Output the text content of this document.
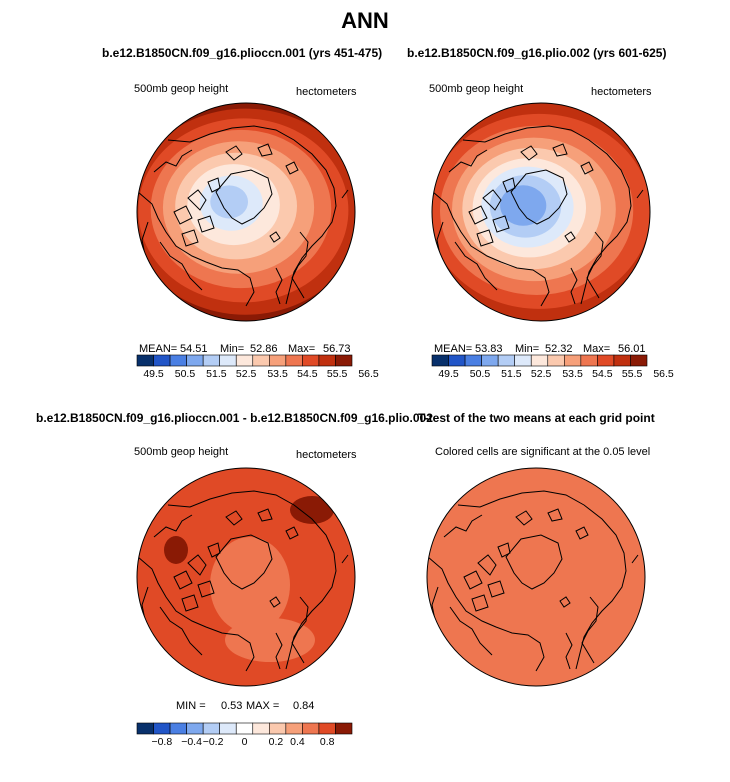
ANN
b.e12.B1850CN.f09_g16.plioccn.001 (yrs 451-475) b.e12.B1850CN.f09_g16.plio.002 (yrs 601-625)
b.e12.B1850CN.f09_g16.plioccn.001 - b.e12.B1850CN.f09_g16.plio.002
T-test of the two means at each grid point
500mb geop height	hectometers	500mb geop height	hectometers
500mb geop height	hectometers	Colored cells are significant at the 0.05 level
MEAN= 54.51 Min= 52.86 Max= 56.73	MEAN= 53.83 Min= 52.32 Max= 56.01
MIN = 0.53 MAX = 0.84
49.5 50.5 51.5 52.5 53.5 54.5 55.5 56.5	49.5 50.5 51.5 52.5 53.5 54.5 55.5 56.5
−0.8 −0.4 −0.2 0 0.2 0.4 0.8
